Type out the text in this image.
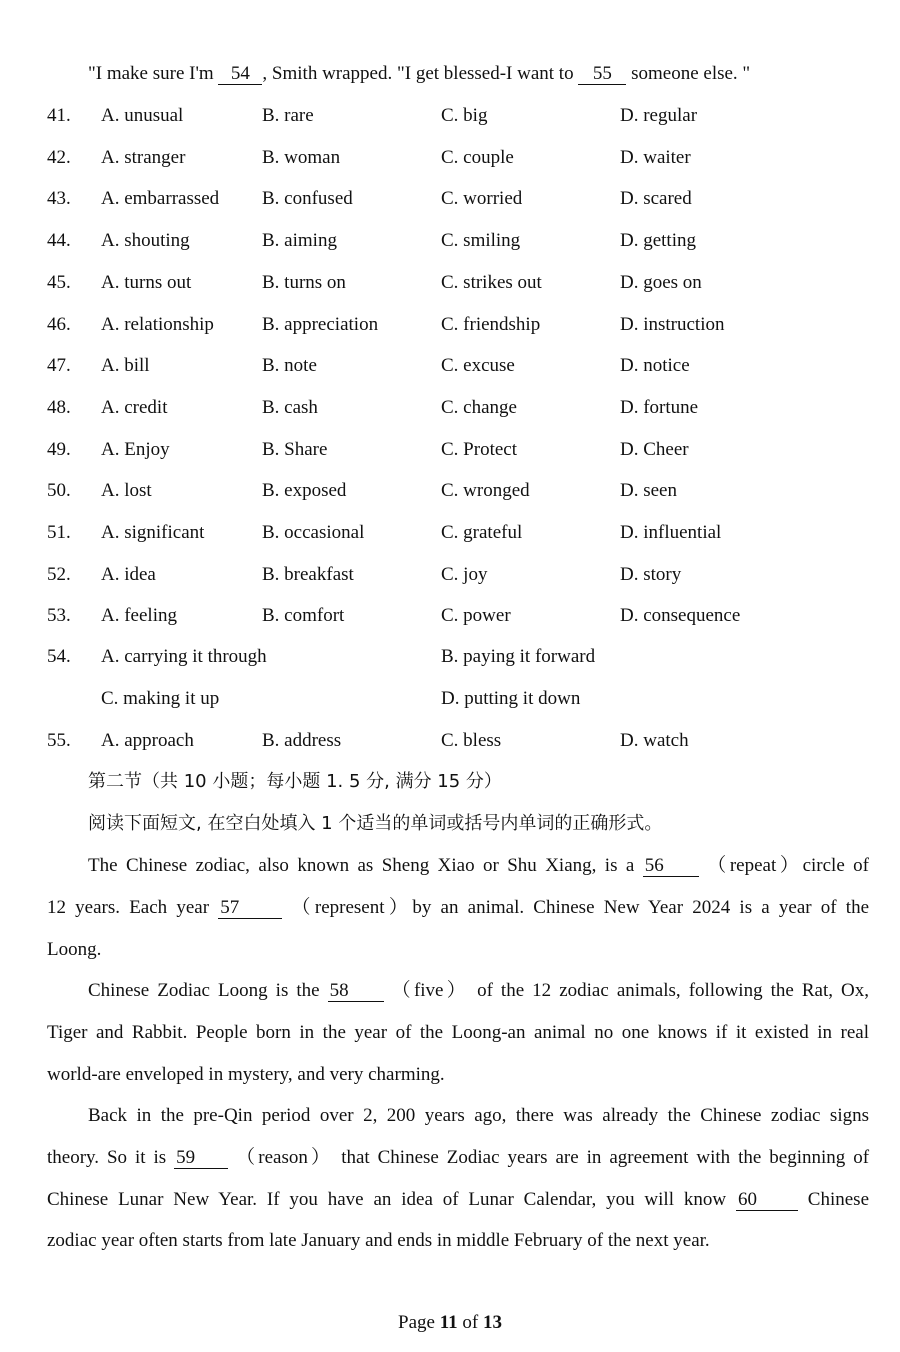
"I make sure I'm 54 , Smith wrapped. "I get blessed-I want to 55 someone else. "
41. A. unusual	B. rare	C. big	D. regular
42. A. stranger	B. woman	C. couple	D. waiter
43. A. embarrassed B. confused	C. worried	D. scared
44. A. shouting	B. aiming	C. smiling	D. getting
45. A. turns out	B. turns on	C. strikes out	D. goes on
46. A. relationship	B. appreciation	C. friendship	D. instruction
47. A. bill	B. note	C. excuse	D. notice
48. A. credit	B. cash	C. change	D. fortune
49. A. Enjoy	B. Share	C. Protect	D. Cheer
50. A. lost	B. exposed	C. wronged	D. seen
51. A. significant	B. occasional	C. grateful	D. influential
52. A. idea	B. breakfast	C. joy	D. story
53. A. feeling	B. comfort	C. power	D. consequence
54. A. carrying it through	B. paying it forward
C. making it up	D. putting it down
55. A. approach	B. address	C. bless	D. watch
第二节（共 10 小题；每小题 1. 5 分, 满分 15 分）
阅读下面短文, 在空白处填入 1 个适当的单词或括号内单词的正确形式。
The Chinese zodiac, also known as Sheng Xiao or Shu Xiang, is a 56 （repeat）circle of
12 years. Each year 57	（represent）by an animal. Chinese New Year 2024 is a year of the
Loong.
Chinese Zodiac Loong is the 58 （five） of the 12 zodiac animals, following the Rat, Ox,
Tiger and Rabbit. People born in the year of the Loong-an animal no one knows if it existed in real
world-are enveloped in mystery, and very charming.
Back in the pre-Qin period over 2, 200 years ago, there was already the Chinese zodiac signs
theory. So it is 59 （reason） that Chinese Zodiac years are in agreement with the beginning of
Chinese Lunar New Year. If you have an idea of Lunar Calendar, you will know 60	Chinese
zodiac year often starts from late January and ends in middle February of the next year.
Page 11 of 13
